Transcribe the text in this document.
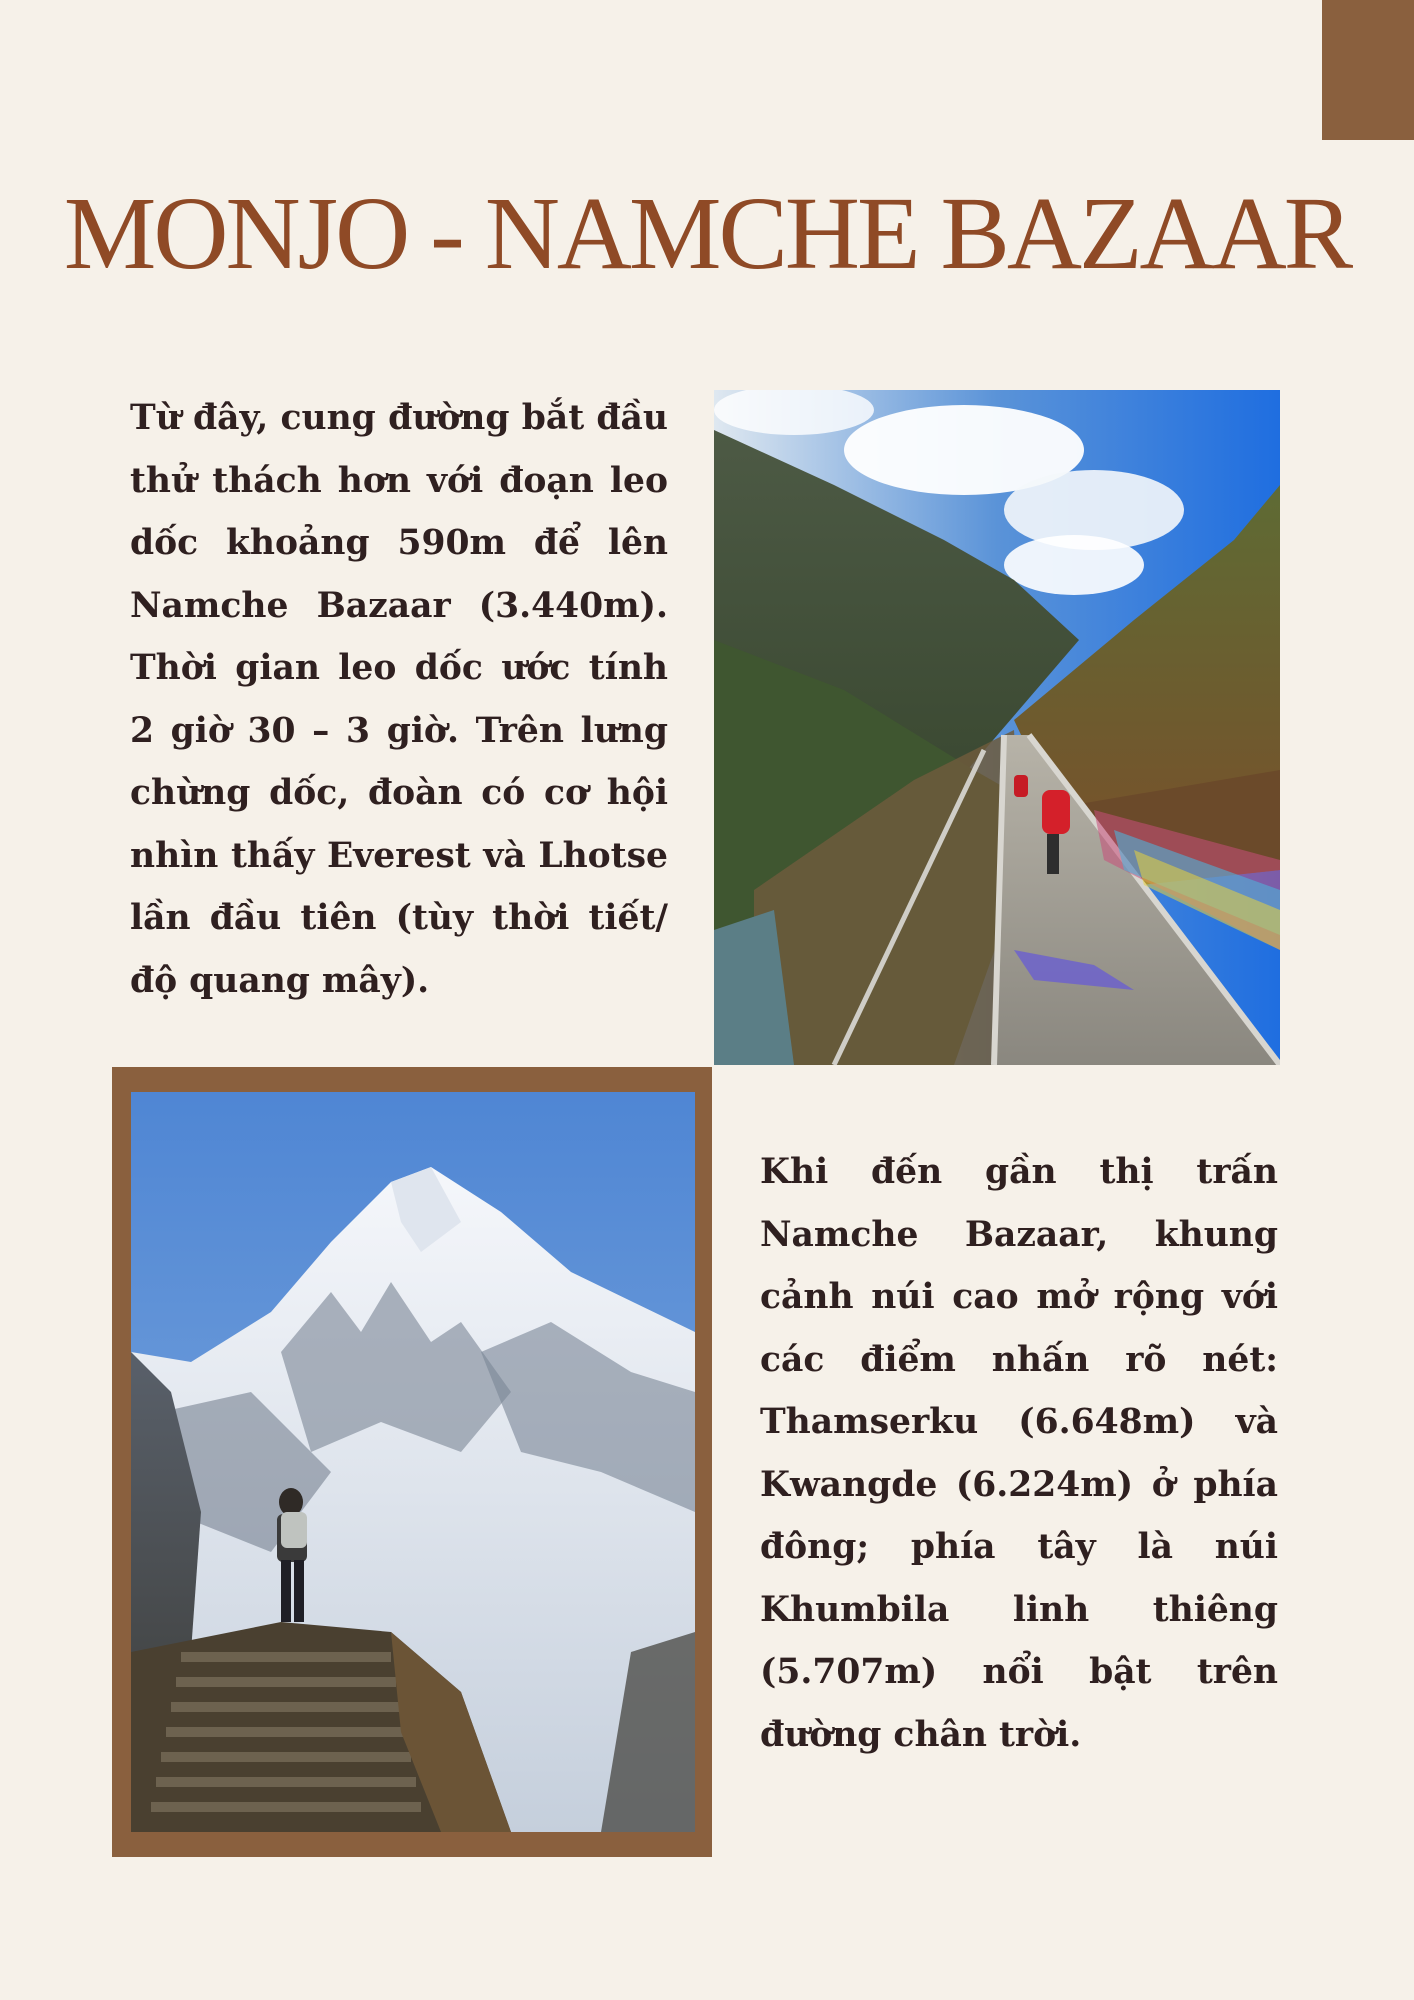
MONJO - NAMCHE BAZAAR

Từ đây, cung đường bắt đầu thử thách hơn với đoạn leo dốc khoảng 590m để lên Namche Bazaar (3.440m). Thời gian leo dốc ước tính 2 giờ 30 – 3 giờ. Trên lưng chừng dốc, đoàn có cơ hội nhìn thấy Everest và Lhotse lần đầu tiên (tùy thời tiết/độ quang mây).

Khi đến gần thị trấn Namche Bazaar, khung cảnh núi cao mở rộng với các điểm nhấn rõ nét: Thamserku (6.648m) và Kwangde (6.224m) ở phía đông; phía tây là núi Khumbila linh thiêng (5.707m) nổi bật trên đường chân trời.
